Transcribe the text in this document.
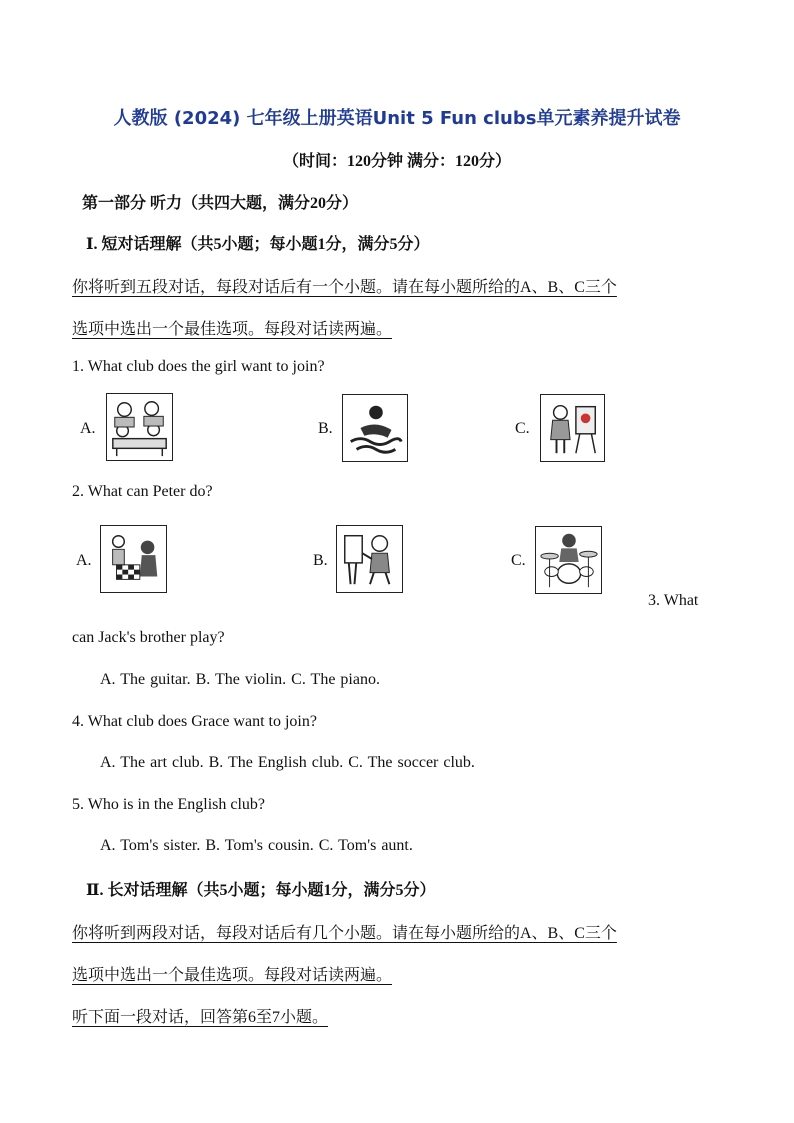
人教版 (2024) 七年级上册英语Unit 5 Fun clubs单元素养提升试卷
（时间：120分钟 满分：120分）
第一部分 听力（共四大题，满分20分）
Ⅰ. 短对话理解（共5小题；每小题1分，满分5分）
你将听到五段对话，每段对话后有一个小题。请在每小题所给的A、B、C三个
选项中选出一个最佳选项。每段对话读两遍。
1. What club does the girl want to join?
A.	B.	C.
2. What can Peter do?
A.	B.	C.
3. What
can Jack's brother play?
A. The guitar. B. The violin. C. The piano.
4. What club does Grace want to join?
A. The art club. B. The English club. C. The soccer club.
5. Who is in the English club?
A. Tom's sister. B. Tom's cousin. C. Tom's aunt.
Ⅱ. 长对话理解（共5小题；每小题1分，满分5分）
你将听到两段对话，每段对话后有几个小题。请在每小题所给的A、B、C三个
选项中选出一个最佳选项。每段对话读两遍。
听下面一段对话，回答第6至7小题。
